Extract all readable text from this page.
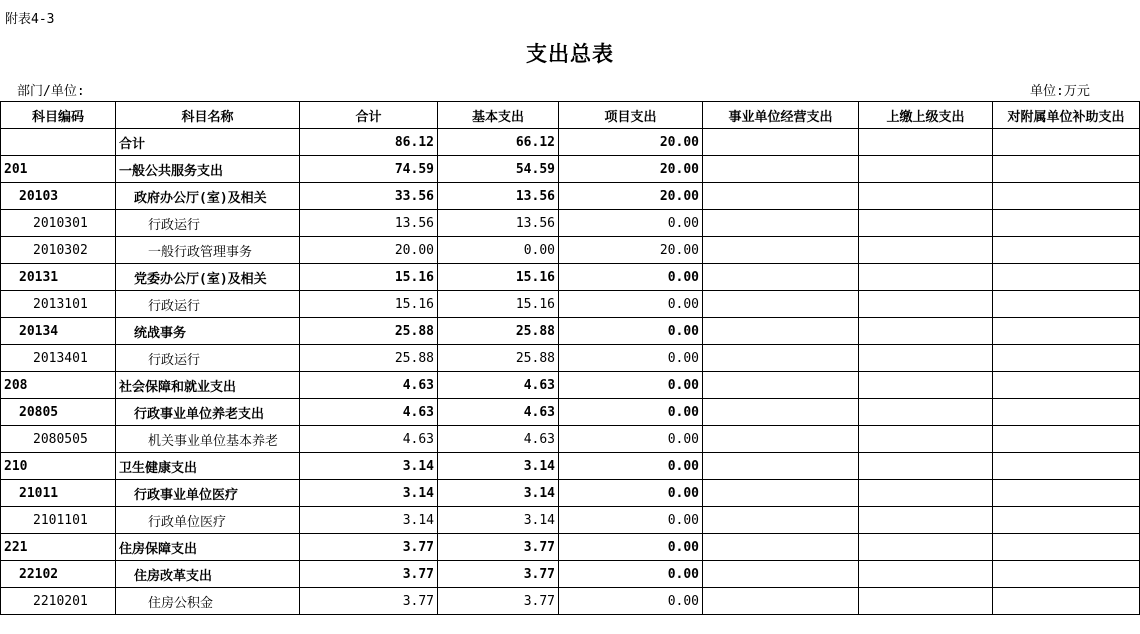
附表4-3
支出总表
部门/单位:	单位:万元
科目编码	科目名称	合计	基本支出	项目支出	事业单位经营支出	上缴上级支出	对附属单位补助支出
	合计	86.12	66.12	20.00			
201	一般公共服务支出	74.59	54.59	20.00			
20103	政府办公厅(室)及相关	33.56	13.56	20.00			
2010301	行政运行	13.56	13.56	0.00			
2010302	一般行政管理事务	20.00	0.00	20.00			
20131	党委办公厅(室)及相关	15.16	15.16	0.00			
2013101	行政运行	15.16	15.16	0.00			
20134	统战事务	25.88	25.88	0.00			
2013401	行政运行	25.88	25.88	0.00			
208	社会保障和就业支出	4.63	4.63	0.00			
20805	行政事业单位养老支出	4.63	4.63	0.00			
2080505	机关事业单位基本养老	4.63	4.63	0.00			
210	卫生健康支出	3.14	3.14	0.00			
21011	行政事业单位医疗	3.14	3.14	0.00			
2101101	行政单位医疗	3.14	3.14	0.00			
221	住房保障支出	3.77	3.77	0.00			
22102	住房改革支出	3.77	3.77	0.00			
2210201	住房公积金	3.77	3.77	0.00			
